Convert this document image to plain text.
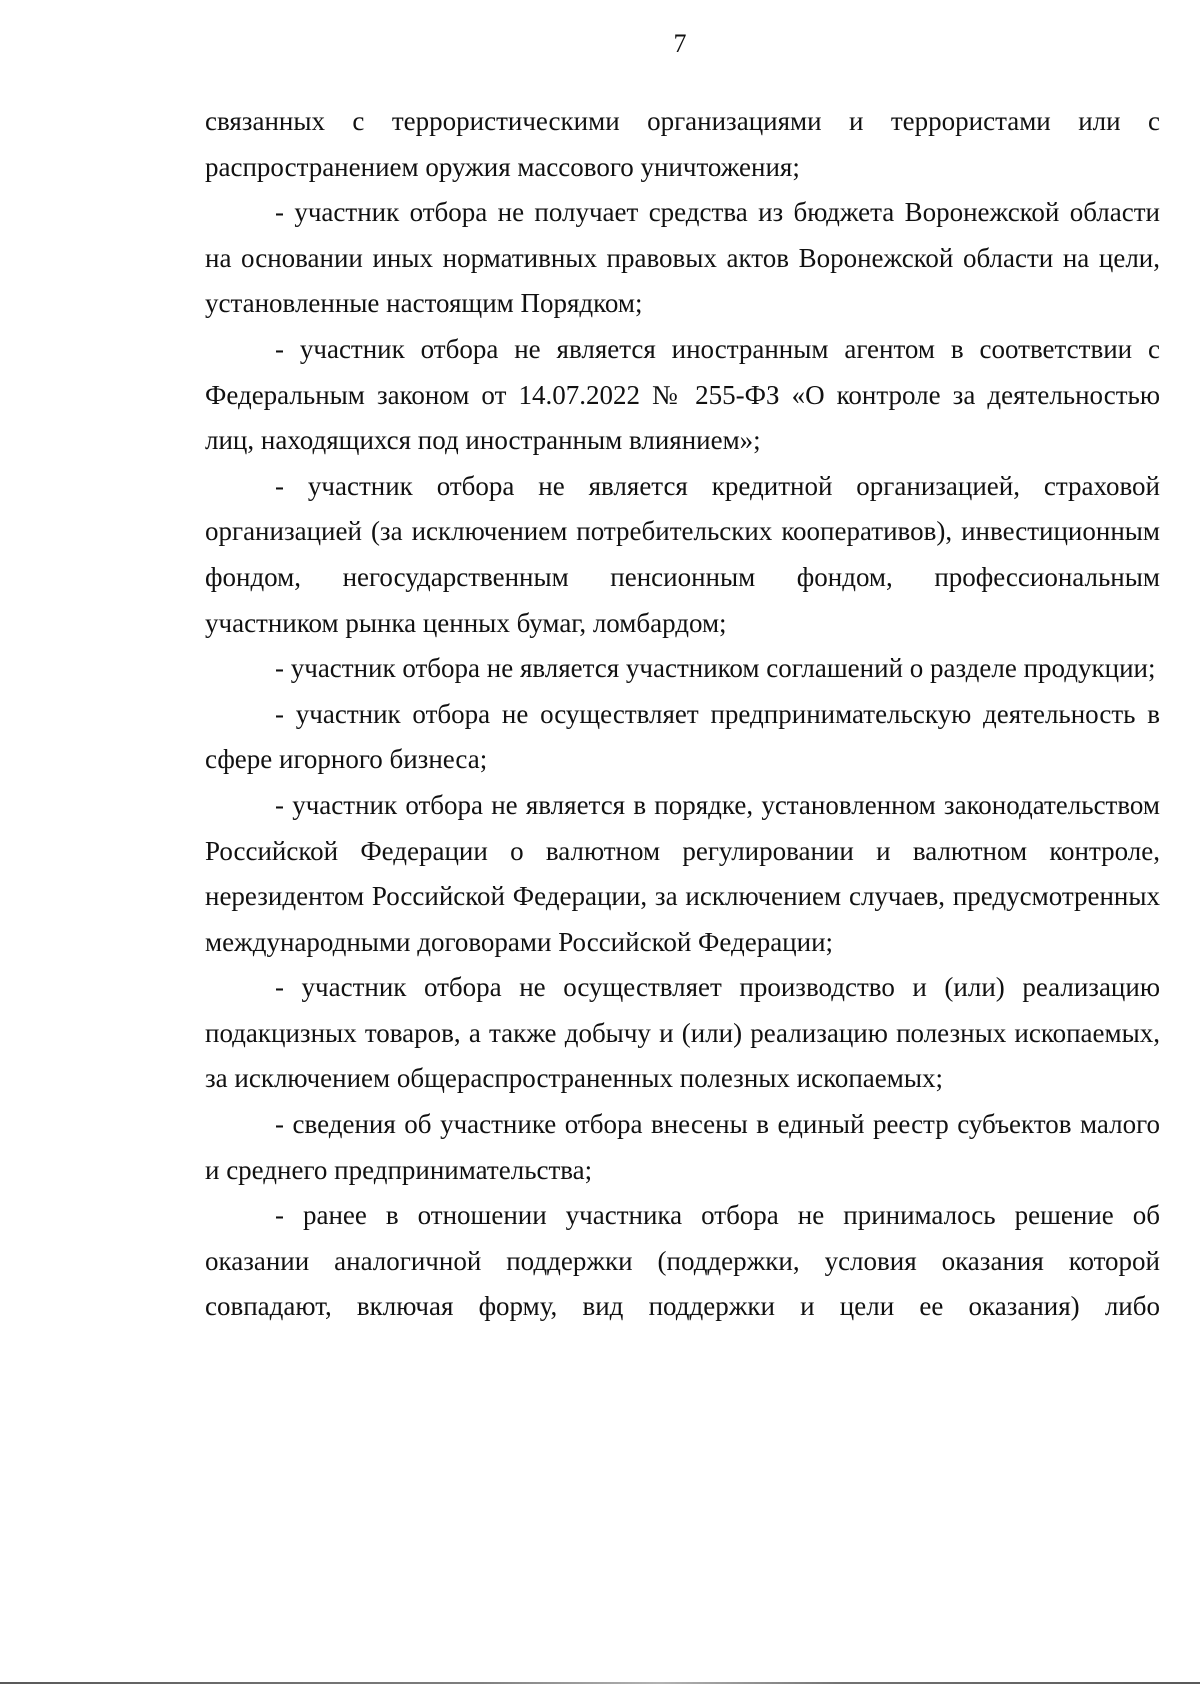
7

связанных с террористическими организациями и террористами или с распространением оружия массового уничтожения;

- участник отбора не получает средства из бюджета Воронежской области на основании иных нормативных правовых актов Воронежской области на цели, установленные настоящим Порядком;

- участник отбора не является иностранным агентом в соответствии с Федеральным законом от 14.07.2022 № 255-ФЗ «О контроле за деятельностью лиц, находящихся под иностранным влиянием»;

- участник отбора не является кредитной организацией, страховой организацией (за исключением потребительских кооперативов), инвестиционным фондом, негосударственным пенсионным фондом, профессиональным участником рынка ценных бумаг, ломбардом;

- участник отбора не является участником соглашений о разделе продукции;

- участник отбора не осуществляет предпринимательскую деятельность в сфере игорного бизнеса;

- участник отбора не является в порядке, установленном законодательством Российской Федерации о валютном регулировании и валютном контроле, нерезидентом Российской Федерации, за исключением случаев, предусмотренных международными договорами Российской Федерации;

- участник отбора не осуществляет производство и (или) реализацию подакцизных товаров, а также добычу и (или) реализацию полезных ископаемых, за исключением общераспространенных полезных ископаемых;

- сведения об участнике отбора внесены в единый реестр субъектов малого и среднего предпринимательства;

- ранее в отношении участника отбора не принималось решение об оказании аналогичной поддержки (поддержки, условия оказания которой совпадают, включая форму, вид поддержки и цели ее оказания) либо
